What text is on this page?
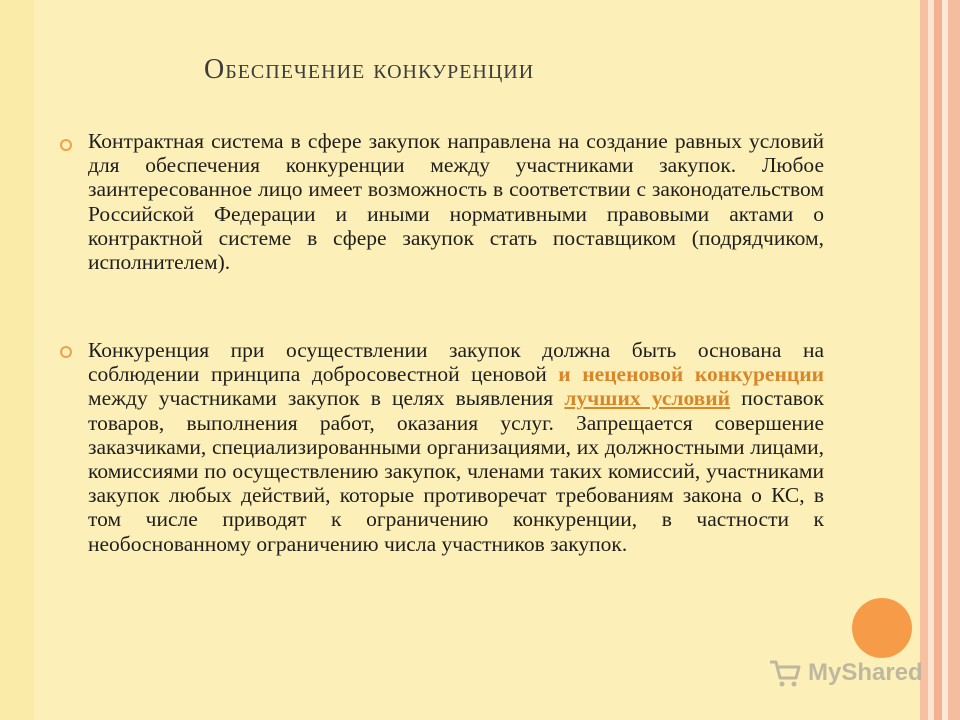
Обеспечение конкуренции
Контрактная система в сфере закупок направлена на создание равных условий для обеспечения конкуренции между участниками закупок. Любое заинтересованное лицо имеет возможность в соответствии с законодательством Российской Федерации и иными нормативными правовыми актами о контрактной системе в сфере закупок стать поставщиком (подрядчиком, исполнителем).
Конкуренция при осуществлении закупок должна быть основана на соблюдении принципа добросовестной ценовой и неценовой конкуренции между участниками закупок в целях выявления лучших условий поставок товаров, выполнения работ, оказания услуг. Запрещается совершение заказчиками, специализированными организациями, их должностными лицами, комиссиями по осуществлению закупок, членами таких комиссий, участниками закупок любых действий, которые противоречат требованиям закона о КС, в том числе приводят к ограничению конкуренции, в частности к необоснованному ограничению числа участников закупок.
MyShared
